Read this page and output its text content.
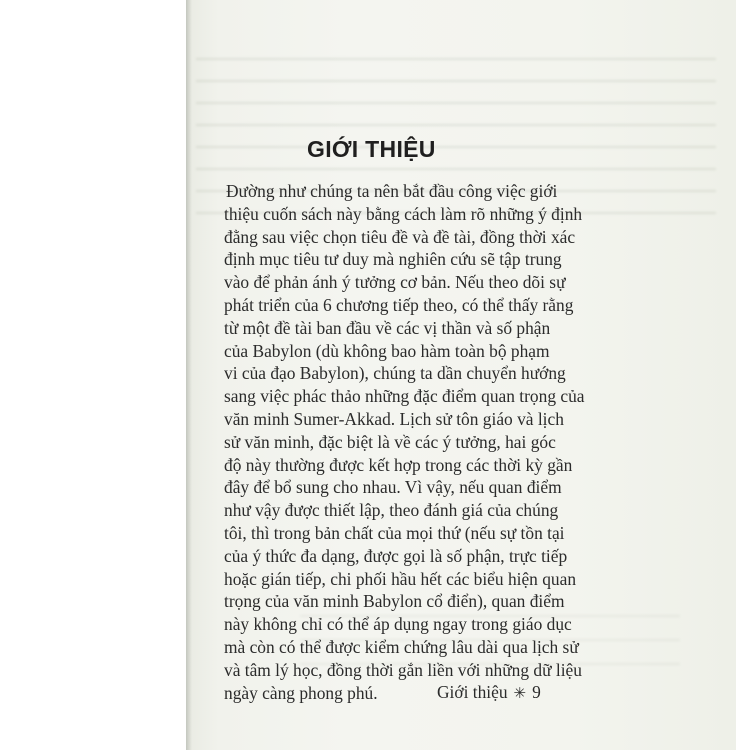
GIỚI THIỆU
Đường như chúng ta nên bắt đầu công việc giới
thiệu cuốn sách này bằng cách làm rõ những ý định
đằng sau việc chọn tiêu đề và đề tài, đồng thời xác
định mục tiêu tư duy mà nghiên cứu sẽ tập trung
vào để phản ánh ý tưởng cơ bản. Nếu theo dõi sự
phát triển của 6 chương tiếp theo, có thể thấy rằng
từ một đề tài ban đầu về các vị thần và số phận
của Babylon (dù không bao hàm toàn bộ phạm
vi của đạo Babylon), chúng ta dần chuyển hướng
sang việc phác thảo những đặc điểm quan trọng của
văn minh Sumer-Akkad. Lịch sử tôn giáo và lịch
sử văn minh, đặc biệt là về các ý tưởng, hai góc
độ này thường được kết hợp trong các thời kỳ gần
đây để bổ sung cho nhau. Vì vậy, nếu quan điểm
như vậy được thiết lập, theo đánh giá của chúng
tôi, thì trong bản chất của mọi thứ (nếu sự tồn tại
của ý thức đa dạng, được gọi là số phận, trực tiếp
hoặc gián tiếp, chi phối hầu hết các biểu hiện quan
trọng của văn minh Babylon cổ điển), quan điểm
này không chỉ có thể áp dụng ngay trong giáo dục
mà còn có thể được kiểm chứng lâu dài qua lịch sử
và tâm lý học, đồng thời gắn liền với những dữ liệu
ngày càng phong phú.	Giới thiệu ✳ 9
